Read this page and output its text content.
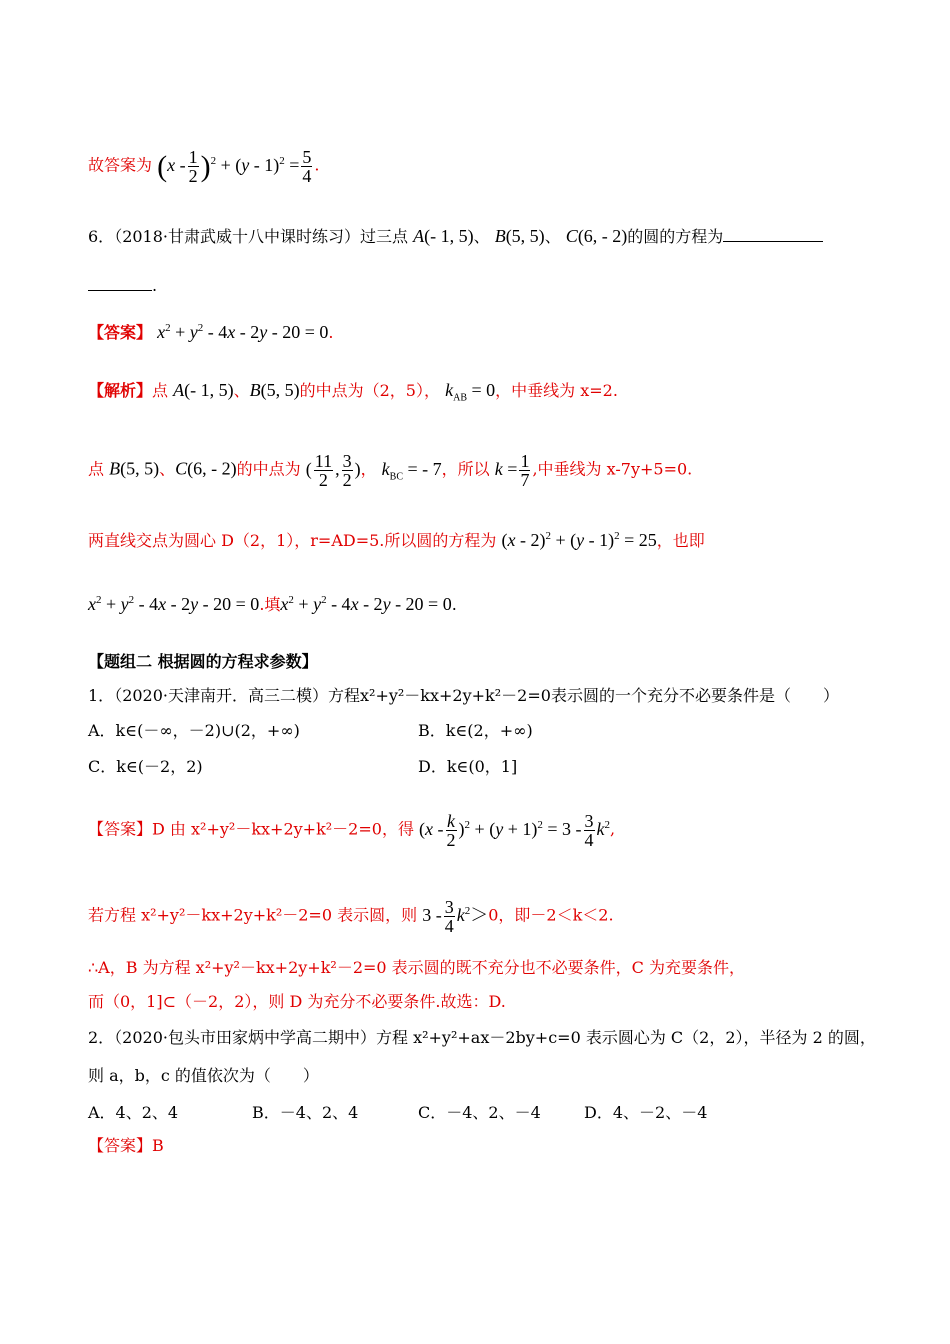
故答案为 $(x - \frac{1}{2} )^2 + (y - 1)^2 = \frac{5}{4}$ .
6．（2018·甘肃武威十八中课时练习）过三点 A(- 1, 5)、 B(5, 5)、 C(6, - 2)的圆的方程为
.
【答案】 $x^2 + y^2 - 4x - 2y - 20 = 0$.
【解析】点 A(- 1, 5)、B(5, 5)的中点为（2，5）， $k_{AB} = 0$，中垂线为 x=2.
点 B(5, 5)、C(6, - 2)的中点为 ( $\frac{11}{2}$ , $\frac{3}{2}$ )， $k_{BC}$ = - 7，所以 $k = \frac{1}{7}$ ,中垂线为 x-7y+5=0.
两直线交点为圆心 D（2，1），r=AD=5.所以圆的方程为 (x - 2)$^2$ + (y - 1)$^2$ = 25，也即
$x^2 + y^2 - 4x - 2y - 20 = 0$.填$x^2 + y^2 - 4x - 2y - 20 = 0$.
【题组二 根据圆的方程求参数】
1．（2020·天津南开．高三二模）方程x²+y²－kx+2y+k²－2=0表示圆的一个充分不必要条件是（　　）
A．k∈(－∞，－2)∪(2，+∞)	B．k∈(2，+∞)
C．k∈(－2，2)	D．k∈(0，1]
【答案】D 由 x²+y²－kx+2y+k²－2=0，得 $(x - \frac{k}{2} )^2 + (y + 1)^2 = 3 - \frac{3}{4} k^2$,
若方程 x²+y²－kx+2y+k²－2=0 表示圆，则 $3 - \frac{3}{4} k^2>0$，即－2＜k＜2.
∴A，B 为方程 x²+y²－kx+2y+k²－2=0 表示圆的既不充分也不必要条件，C 为充要条件，
而（0，1]⊂（－2，2），则 D 为充分不必要条件.故选：D.
2．（2020·包头市田家炳中学高二期中）方程 x²+y²+ax－2by+c=0 表示圆心为 C（2，2），半径为 2 的圆，
则 a，b，c 的值依次为（　　）
A．4、2、4	B．－4、2、4	C．－4、2、－4	D．4、－2、－4
【答案】B
